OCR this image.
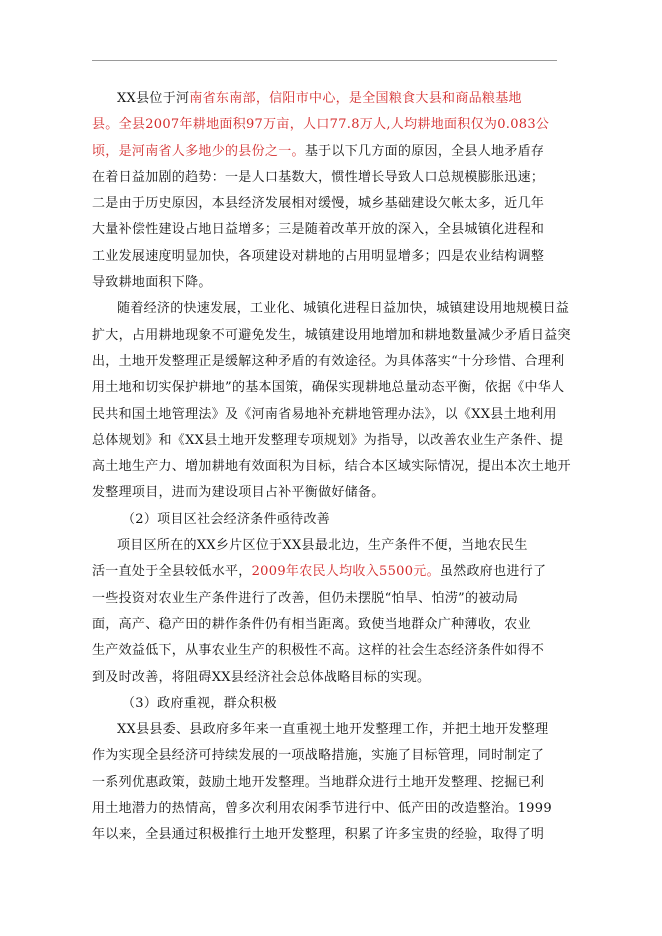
XX县位于河南省东南部，信阳市中心，是全国粮食大县和商品粮基地
县。全县2007年耕地面积97万亩，人口77.8万人,人均耕地面积仅为0.083公
顷，是河南省人多地少的县份之一。基于以下几方面的原因，全县人地矛盾存
在着日益加剧的趋势：一是人口基数大，惯性增长导致人口总规模膨胀迅速；
二是由于历史原因，本县经济发展相对缓慢，城乡基础建设欠帐太多，近几年
大量补偿性建设占地日益增多；三是随着改革开放的深入，全县城镇化进程和
工业发展速度明显加快，各项建设对耕地的占用明显增多；四是农业结构调整
导致耕地面积下降。
随着经济的快速发展，工业化、城镇化进程日益加快，城镇建设用地规模日益
扩大，占用耕地现象不可避免发生，城镇建设用地增加和耕地数量减少矛盾日益突
出，土地开发整理正是缓解这种矛盾的有效途径。为具体落实“十分珍惜、合理利
用土地和切实保护耕地”的基本国策，确保实现耕地总量动态平衡，依据《中华人
民共和国土地管理法》及《河南省易地补充耕地管理办法》，以《XX县土地利用
总体规划》和《XX县土地开发整理专项规划》为指导，以改善农业生产条件、提
高土地生产力、增加耕地有效面积为目标，结合本区域实际情况，提出本次土地开
发整理项目，进而为建设项目占补平衡做好储备。
（2）项目区社会经济条件亟待改善
项目区所在的XX乡片区位于XX县最北边，生产条件不便，当地农民生
活一直处于全县较低水平，2009年农民人均收入5500元。虽然政府也进行了
一些投资对农业生产条件进行了改善，但仍未摆脱“怕旱、怕涝”的被动局
面，高产、稳产田的耕作条件仍有相当距离。致使当地群众广种薄收，农业
生产效益低下，从事农业生产的积极性不高。这样的社会生态经济条件如得不
到及时改善，将阻碍XX县经济社会总体战略目标的实现。
（3）政府重视，群众积极
XX县县委、县政府多年来一直重视土地开发整理工作，并把土地开发整理
作为实现全县经济可持续发展的一项战略措施，实施了目标管理，同时制定了
一系列优惠政策，鼓励土地开发整理。当地群众进行土地开发整理、挖掘已利
用土地潜力的热情高，曾多次利用农闲季节进行中、低产田的改造整治。1999
年以来，全县通过积极推行土地开发整理，积累了许多宝贵的经验，取得了明
